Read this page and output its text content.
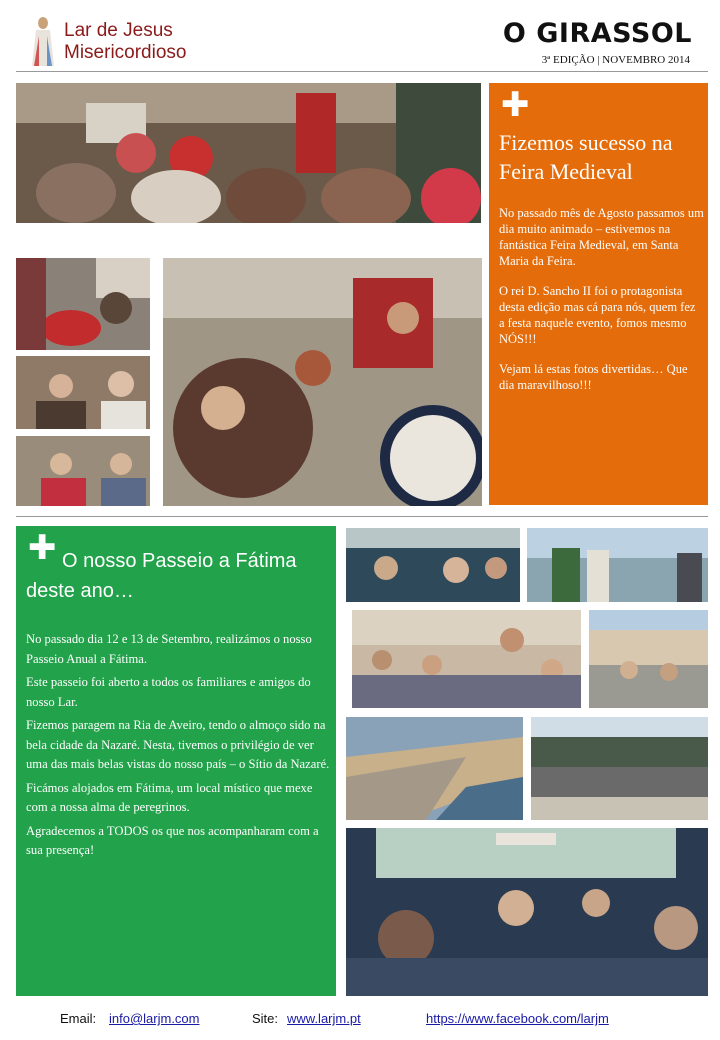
Lar de Jesus
Misericordioso
O GIRASSOL
3ª EDIÇÃO | NOVEMBRO 2014
✚
Fizemos sucesso na Feira Medieval

No passado mês de Agosto passamos um dia muito animado – estivemos na fantástica Feira Medieval, em Santa Maria da Feira.

O rei D. Sancho II foi o protagonista desta edição mas cá para nós, quem fez a festa naquele evento, fomos mesmo NÓS!!!

Vejam lá estas fotos divertidas… Que dia maravilhoso!!!

✚ O nosso Passeio a Fátima deste ano…

No passado dia 12 e 13 de Setembro, realizámos o nosso Passeio Anual a Fátima.

Este passeio foi aberto a todos os familiares e amigos do nosso Lar.

Fizemos paragem na Ria de Aveiro, tendo o almoço sido na bela cidade da Nazaré. Nesta, tivemos o privilégio de ver uma das mais belas vistas do nosso país – o Sítio da Nazaré.

Ficámos alojados em Fátima, um local místico que mexe com a nossa alma de peregrinos.

Agradecemos a TODOS os que nos acompanharam com a sua presença!

Email: info@larjm.com	Site: www.larjm.pt	https://www.facebook.com/larjm
